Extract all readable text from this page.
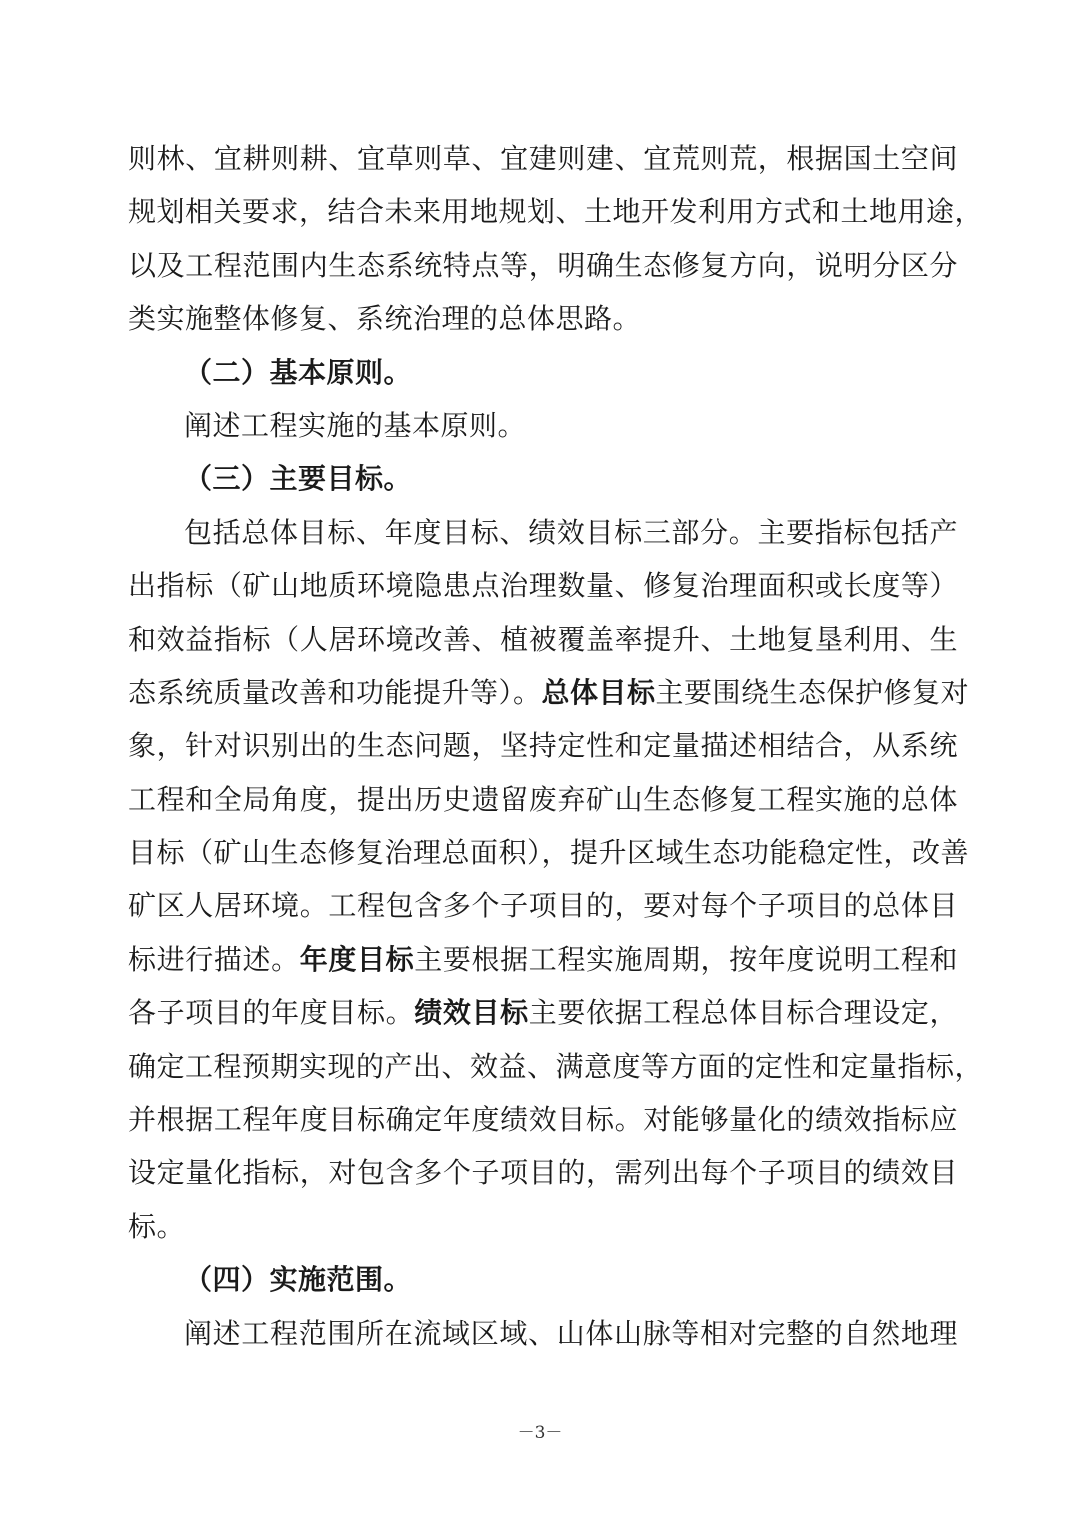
则林、宜耕则耕、宜草则草、宜建则建、宜荒则荒，根据国土空间
规划相关要求，结合未来用地规划、土地开发利用方式和土地用途，
以及工程范围内生态系统特点等，明确生态修复方向，说明分区分
类实施整体修复、系统治理的总体思路。
（二）基本原则。
阐述工程实施的基本原则。
（三）主要目标。
包括总体目标、年度目标、绩效目标三部分。主要指标包括产
出指标（矿山地质环境隐患点治理数量、修复治理面积或长度等）
和效益指标（人居环境改善、植被覆盖率提升、土地复垦利用、生
态系统质量改善和功能提升等）。总体目标主要围绕生态保护修复对
象，针对识别出的生态问题，坚持定性和定量描述相结合，从系统
工程和全局角度，提出历史遗留废弃矿山生态修复工程实施的总体
目标（矿山生态修复治理总面积），提升区域生态功能稳定性，改善
矿区人居环境。工程包含多个子项目的，要对每个子项目的总体目
标进行描述。年度目标主要根据工程实施周期，按年度说明工程和
各子项目的年度目标。绩效目标主要依据工程总体目标合理设定，
确定工程预期实现的产出、效益、满意度等方面的定性和定量指标，
并根据工程年度目标确定年度绩效目标。对能够量化的绩效指标应
设定量化指标，对包含多个子项目的，需列出每个子项目的绩效目
标。
（四）实施范围。
阐述工程范围所在流域区域、山体山脉等相对完整的自然地理
－3－
